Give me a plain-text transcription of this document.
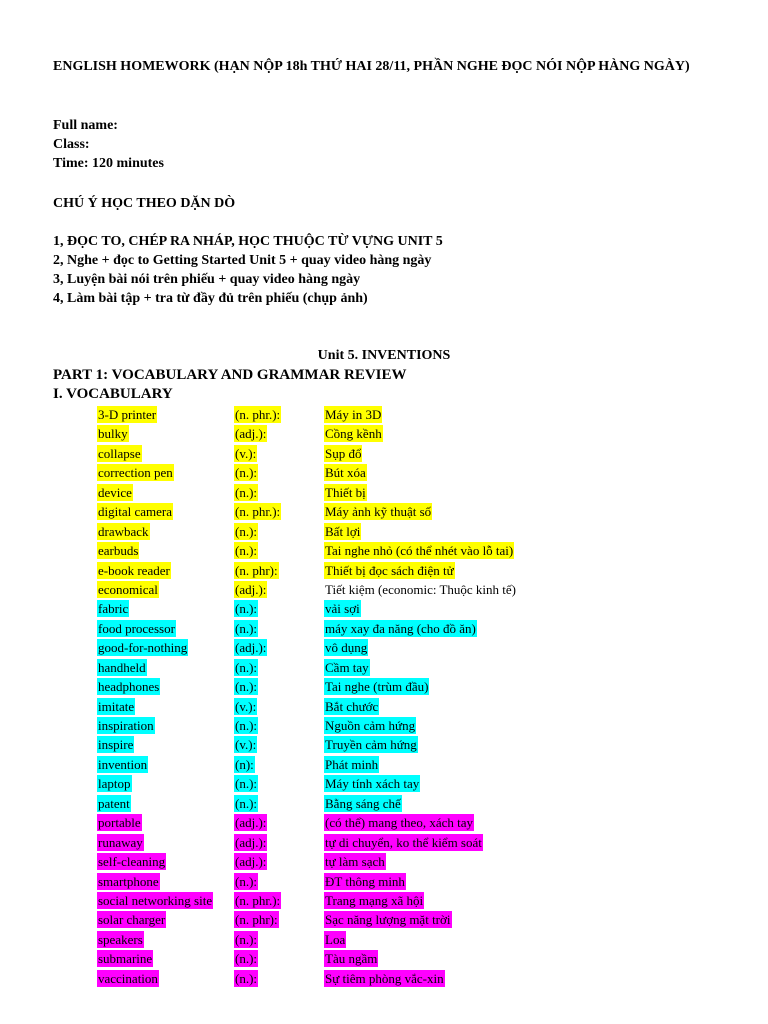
ENGLISH HOMEWORK (HẠN NỘP 18h THỨ HAI 28/11, PHẦN NGHE ĐỌC NÓI NỘP HÀNG NGÀY)
Full name:
Class:
Time: 120 minutes
CHÚ Ý HỌC THEO DẶN DÒ
1, ĐỌC TO, CHÉP RA NHÁP, HỌC THUỘC TỪ VỰNG UNIT 5
2, Nghe + đọc to Getting Started Unit 5 + quay video hàng ngày
3, Luyện bài nói trên phiếu + quay video hàng ngày
4, Làm bài tập + tra từ đầy đủ trên phiếu (chụp ảnh)
Unit 5. INVENTIONS
PART 1: VOCABULARY AND GRAMMAR REVIEW
I. VOCABULARY
3-D printer	(n. phr.):	Máy in 3D
bulky	(adj.):	Cồng kềnh
collapse	(v.):	Sụp đổ
correction pen	(n.):	Bút xóa
device	(n.):	Thiết bị
digital camera	(n. phr.):	Máy ảnh kỹ thuật số
drawback	(n.):	Bất lợi
earbuds	(n.):	Tai nghe nhỏ (có thể nhét vào lỗ tai)
e-book reader	(n. phr):	Thiết bị đọc sách điện tử
economical	(adj.):	Tiết kiệm (economic: Thuộc kinh tế)
fabric	(n.):	vải sợi
food processor	(n.):	máy xay đa năng (cho đồ ăn)
good-for-nothing	(adj.):	vô dụng
handheld	(n.):	Cầm tay
headphones	(n.):	Tai nghe (trùm đầu)
imitate	(v.):	Bắt chước
inspiration	(n.):	Nguồn cảm hứng
inspire	(v.):	Truyền cảm hứng
invention	(n):	Phát minh
laptop	(n.):	Máy tính xách tay
patent	(n.):	Bằng sáng chế
portable	(adj.):	(có thể) mang theo, xách tay
runaway	(adj.):	tự di chuyển, ko thể kiểm soát
self-cleaning	(adj.):	tự làm sạch
smartphone	(n.):	ĐT thông minh
social networking site (n. phr.):	Trang mạng xã hội
solar charger	(n. phr):	Sạc năng lượng mặt trời
speakers	(n.):	Loa
submarine	(n.):	Tàu ngầm
vaccination	(n.):	Sự tiêm phòng vắc-xin
